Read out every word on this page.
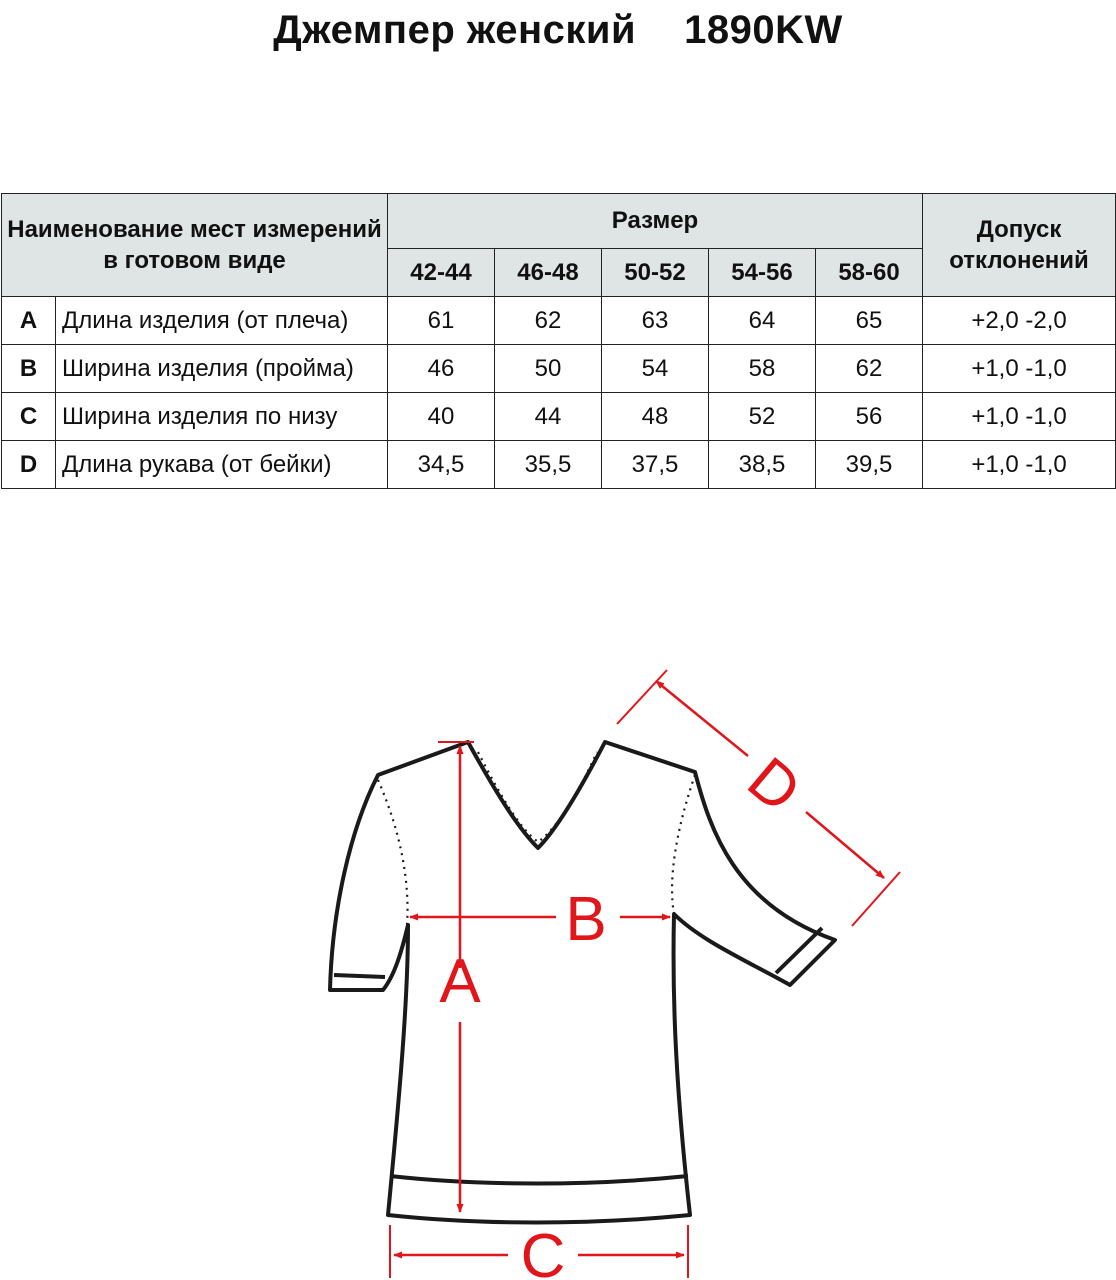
Джемпер женский 1890KW
Наименование мест измерений в готовом виде		Размер					Допуск отклонений
		42-44	46-48	50-52	54-56	58-60	
A	Длина изделия (от плеча)	61	62	63	64	65	+2,0 -2,0
B	Ширина изделия (пройма)	46	50	54	58	62	+1,0 -1,0
C	Ширина изделия по низу	40	44	48	52	56	+1,0 -1,0
D	Длина рукава (от бейки)	34,5	35,5	37,5	38,5	39,5	+1,0 -1,0
A
B
C
D
